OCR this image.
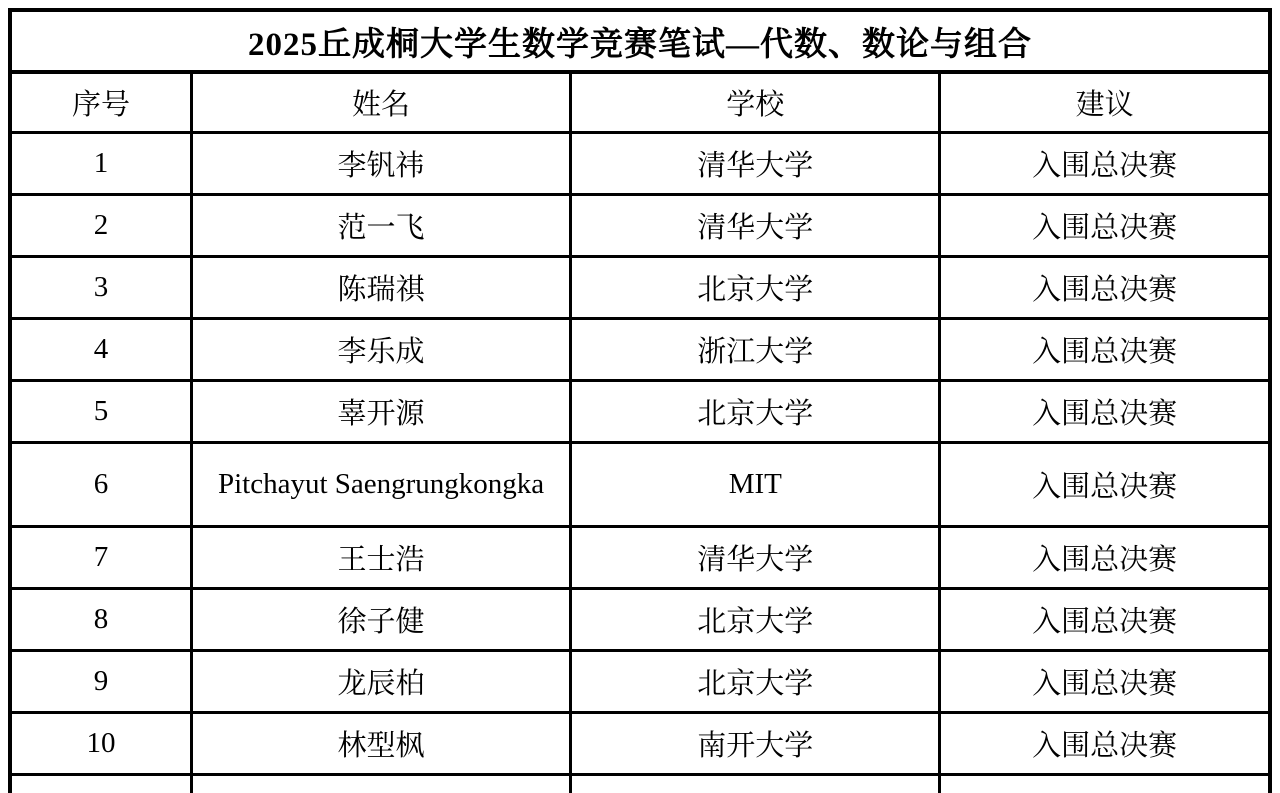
2025丘成桐大学生数学竞赛笔试—代数、数论与组合			
序号	姓名	学校	建议
1	李钒祎	清华大学	入围总决赛
2	范一飞	清华大学	入围总决赛
3	陈瑞祺	北京大学	入围总决赛
4	李乐成	浙江大学	入围总决赛
5	辜开源	北京大学	入围总决赛
6	Pitchayut Saengrungkongka	MIT	入围总决赛
7	王士浩	清华大学	入围总决赛
8	徐子健	北京大学	入围总决赛
9	龙辰柏	北京大学	入围总决赛
10	林型枫	南开大学	入围总决赛
